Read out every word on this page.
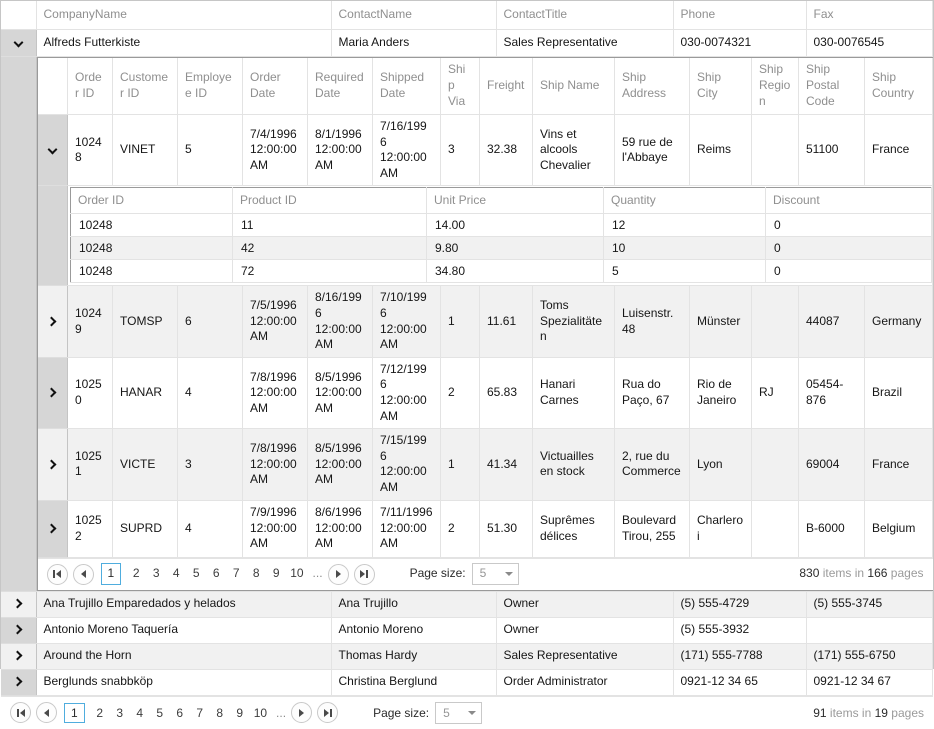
	CompanyName	ContactName	ContactTitle	Phone	Fax
	Alfreds Futterkiste	Maria Anders	Sales Representative	030-0074321	030-0076545

	Order ID	Customer ID	Employee ID	Order Date	Required Date	Shipped Date	Ship Via	Freight	Ship Name	Ship Address	Ship City	Ship Region	Ship Postal Code	Ship Country
	10248	VINET	5	7/4/1996 12:00:00 AM	8/1/1996 12:00:00 AM	7/16/1996 12:00:00 AM	3	32.38	Vins et alcools Chevalier	59 rue de l'Abbaye	Reims		51100	France

Order ID	Product ID	Unit Price	Quantity	Discount
10248	11	14.00	12	0
10248	42	9.80	10	0
10248	72	34.80	5	0

	10249	TOMSP	6	7/5/1996 12:00:00 AM	8/16/1996 12:00:00 AM	7/10/1996 12:00:00 AM	1	11.61	Toms Spezialitäten	Luisenstr. 48	Münster		44087	Germany
	10250	HANAR	4	7/8/1996 12:00:00 AM	8/5/1996 12:00:00 AM	7/12/1996 12:00:00 AM	2	65.83	Hanari Carnes	Rua do Paço, 67	Rio de Janeiro	RJ	05454-876	Brazil
	10251	VICTE	3	7/8/1996 12:00:00 AM	8/5/1996 12:00:00 AM	7/15/1996 12:00:00 AM	1	41.34	Victuailles en stock	2, rue du Commerce	Lyon		69004	France
	10252	SUPRD	4	7/9/1996 12:00:00 AM	8/6/1996 12:00:00 AM	7/11/1996 12:00:00 AM	2	51.30	Suprêmes délices	Boulevard Tirou, 255	Charleroi		B-6000	Belgium
1	2 3 4 5 6 7 8 9 10 ...	Page size: 5	830 items in 166 pages

	Ana Trujillo Emparedados y helados	Ana Trujillo	Owner	(5) 555-4729	(5) 555-3745
	Antonio Moreno Taquería	Antonio Moreno	Owner	(5) 555-3932	
	Around the Horn	Thomas Hardy	Sales Representative	(171) 555-7788	(171) 555-6750
	Berglunds snabbköp	Christina Berglund	Order Administrator	0921-12 34 65	0921-12 34 67
1	2 3 4 5 6 7 8 9 10 ...	Page size: 5	91 items in 19 pages
